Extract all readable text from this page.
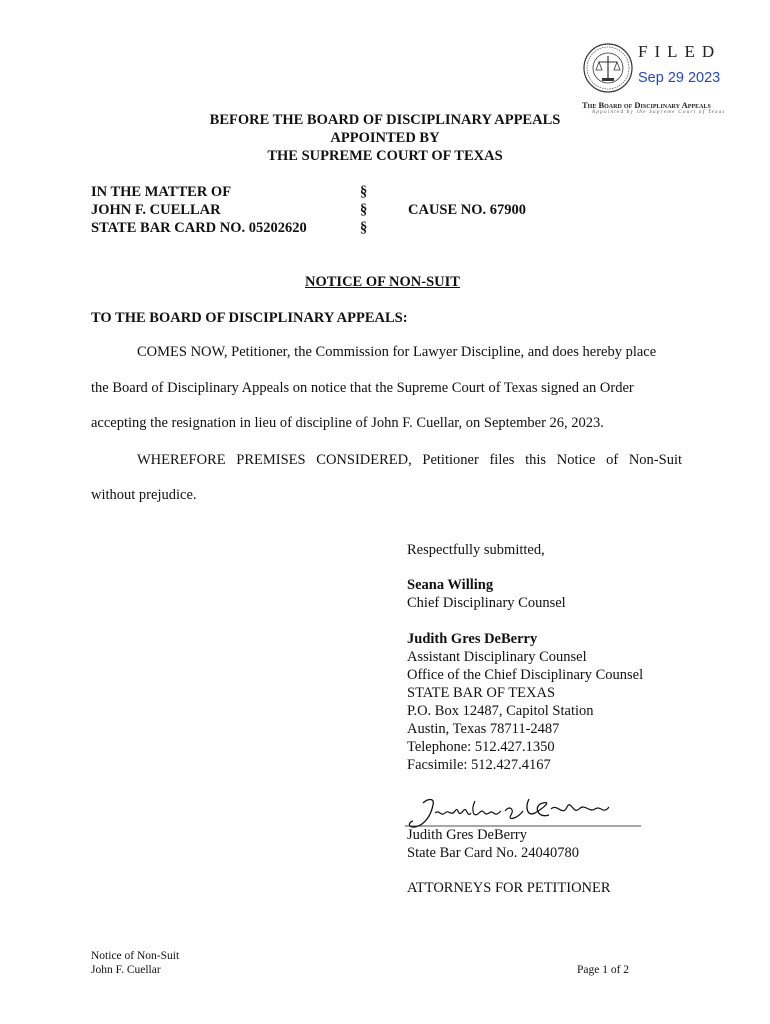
FILED
Sep 29 2023
The Board of Disciplinary Appeals
Appointed by the Supreme Court of Texas
BEFORE THE BOARD OF DISCIPLINARY APPEALS
APPOINTED BY
THE SUPREME COURT OF TEXAS
IN THE MATTER OF
JOHN F. CUELLAR
STATE BAR CARD NO. 05202620
§
§
§
CAUSE NO. 67900
NOTICE OF NON-SUIT
TO THE BOARD OF DISCIPLINARY APPEALS:
COMES NOW, Petitioner, the Commission for Lawyer Discipline, and does hereby place
the Board of Disciplinary Appeals on notice that the Supreme Court of Texas signed an Order
accepting the resignation in lieu of discipline of John F. Cuellar, on September 26, 2023.
WHEREFORE PREMISES CONSIDERED, Petitioner files this Notice of Non-Suit
without prejudice.
Respectfully submitted,
Seana Willing
Chief Disciplinary Counsel
Judith Gres DeBerry
Assistant Disciplinary Counsel
Office of the Chief Disciplinary Counsel
STATE BAR OF TEXAS
P.O. Box 12487, Capitol Station
Austin, Texas 78711-2487
Telephone: 512.427.1350
Facsimile: 512.427.4167
Judith Gres DeBerry
State Bar Card No. 24040780
ATTORNEYS FOR PETITIONER
Notice of Non-Suit
John F. Cuellar	Page 1 of 2
